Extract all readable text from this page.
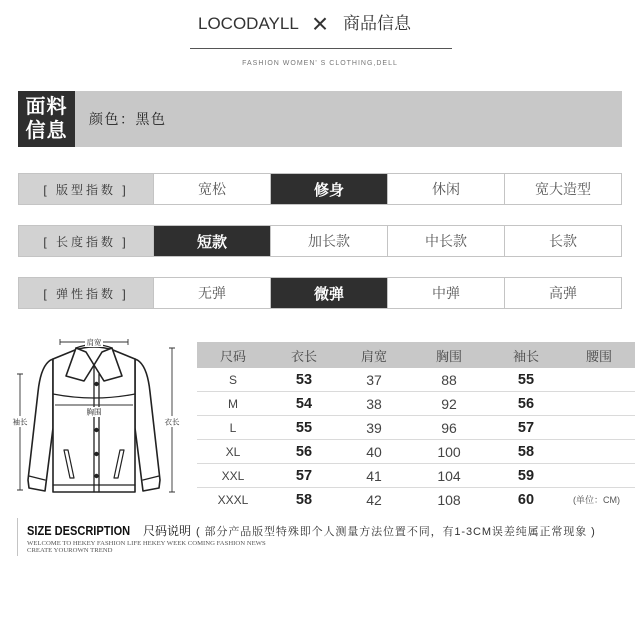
LOCODAYLL × 商品信息
FASHION WOMEN' S CLOTHING,DELL
面料
信息
颜色：黑色
[ 版型指数 ]	宽松	修身	休闲	宽大造型
[ 长度指数 ]	短款	加长款	中长款	长款
[ 弹性指数 ]	无弹	微弹	中弹	高弹
肩宽
袖长	衣长
胸围
尺码	衣长	肩宽	胸围	袖长	腰围
S	53	37	88	55
M	54	38	92	56
L	55	39	96	57
XL	56	40	100	58
XXL	57	41	104	59
XXXL	58	42	108	60	(单位：CM)
SIZE DESCRIPTION 尺码说明 ( 部分产品版型特殊即个人测量方法位置不同，有1-3CM误差纯属正常现象 )
WELCOME TO HEKEY FASHION LIFE HEKEY WEEK COMING FASHION NEWS
CREATE YOUROWN TREND
